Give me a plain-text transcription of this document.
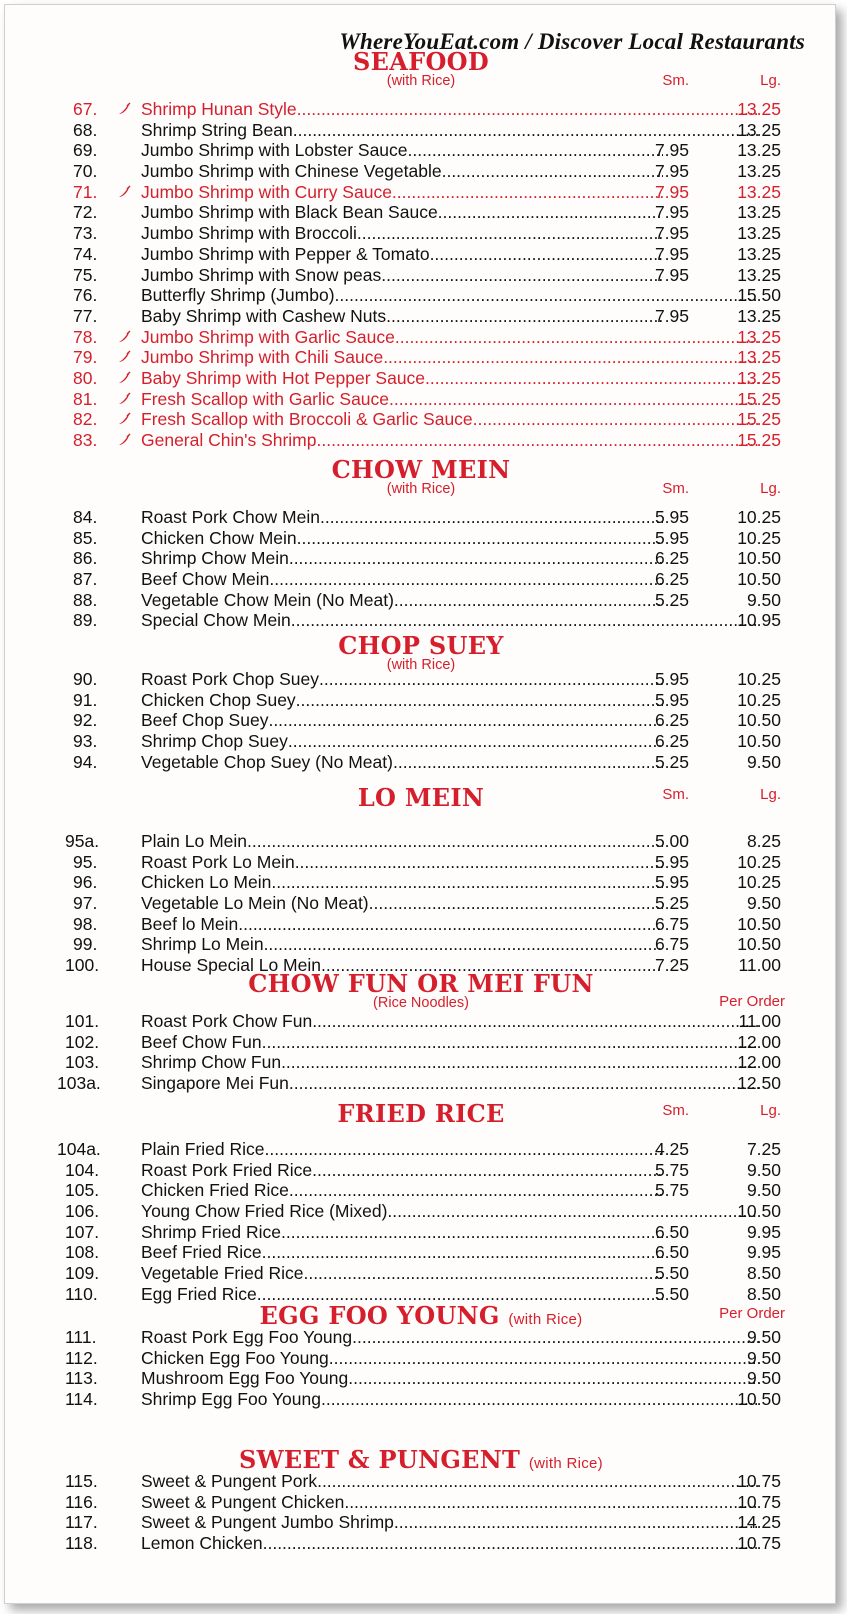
WhereYouEat.com / Discover Local Restaurants
SEAFOOD
(with Rice)	Sm.	Lg.
67. Shrimp Hunan Style .....	13.25
68. Shrimp String Bean .....	13.25
69. Jumbo Shrimp with Lobster Sauce .....	7.95	13.25
70. Jumbo Shrimp with Chinese Vegetable .....	7.95	13.25
71. Jumbo Shrimp with Curry Sauce .....	7.95	13.25
72. Jumbo Shrimp with Black Bean Sauce .....	7.95	13.25
73. Jumbo Shrimp with Broccoli .....	7.95	13.25
74. Jumbo Shrimp with Pepper & Tomato .....	7.95	13.25
75. Jumbo Shrimp with Snow peas .....	7.95	13.25
76. Butterfly Shrimp (Jumbo) .....	15.50
77. Baby Shrimp with Cashew Nuts .....	7.95	13.25
78. Jumbo Shrimp with Garlic Sauce .....	13.25
79. Jumbo Shrimp with Chili Sauce .....	13.25
80. Baby Shrimp with Hot Pepper Sauce .....	13.25
81. Fresh Scallop with Garlic Sauce .....	15.25
82. Fresh Scallop with Broccoli & Garlic Sauce .....	15.25
83. General Chin's Shrimp .....	15.25
CHOW MEIN
(with Rice)	Sm.	Lg.
84. Roast Pork Chow Mein .....	5.95	10.25
85. Chicken Chow Mein .....	5.95	10.25
86. Shrimp Chow Mein .....	6.25	10.50
87. Beef Chow Mein .....	6.25	10.50
88. Vegetable Chow Mein (No Meat) .....	5.25	9.50
89. Special Chow Mein .....	10.95
CHOP SUEY
(with Rice)
90. Roast Pork Chop Suey .....	5.95	10.25
91. Chicken Chop Suey .....	5.95	10.25
92. Beef Chop Suey .....	6.25	10.50
93. Shrimp Chop Suey .....	6.25	10.50
94. Vegetable Chop Suey (No Meat) .....	5.25	9.50
LO MEIN	Sm.	Lg.
95a. Plain Lo Mein .....	5.00	8.25
95. Roast Pork Lo Mein .....	5.95	10.25
96. Chicken Lo Mein .....	5.95	10.25
97. Vegetable Lo Mein (No Meat) .....	5.25	9.50
98. Beef lo Mein .....	6.75	10.50
99. Shrimp Lo Mein .....	6.75	10.50
100. House Special Lo Mein .....	7.25	11.00
CHOW FUN OR MEI FUN
(Rice Noodles)	Per Order
101. Roast Pork Chow Fun .....	11.00
102. Beef Chow Fun .....	12.00
103. Shrimp Chow Fun .....	12.00
103a. Singapore Mei Fun .....	12.50
FRIED RICE	Sm.	Lg.
104a. Plain Fried Rice .....	4.25	7.25
104. Roast Pork Fried Rice .....	5.75	9.50
105. Chicken Fried Rice .....	5.75	9.50
106. Young Chow Fried Rice (Mixed) .....	10.50
107. Shrimp Fried Rice .....	6.50	9.95
108. Beef Fried Rice .....	6.50	9.95
109. Vegetable Fried Rice .....	5.50	8.50
110. Egg Fried Rice .....	5.50	8.50
EGG FOO YOUNG (with Rice)	Per Order
111.	Roast Pork Egg Foo Young .....	9.50
112. Chicken Egg Foo Young .....	9.50
113. Mushroom Egg Foo Young .....	9.50
114. Shrimp Egg Foo Young .....	10.50
SWEET & PUNGENT (with Rice)
115. Sweet & Pungent Pork .....	10.75
116. Sweet & Pungent Chicken .....	10.75
117. Sweet & Pungent Jumbo Shrimp .....	14.25
118. Lemon Chicken .....	10.75
